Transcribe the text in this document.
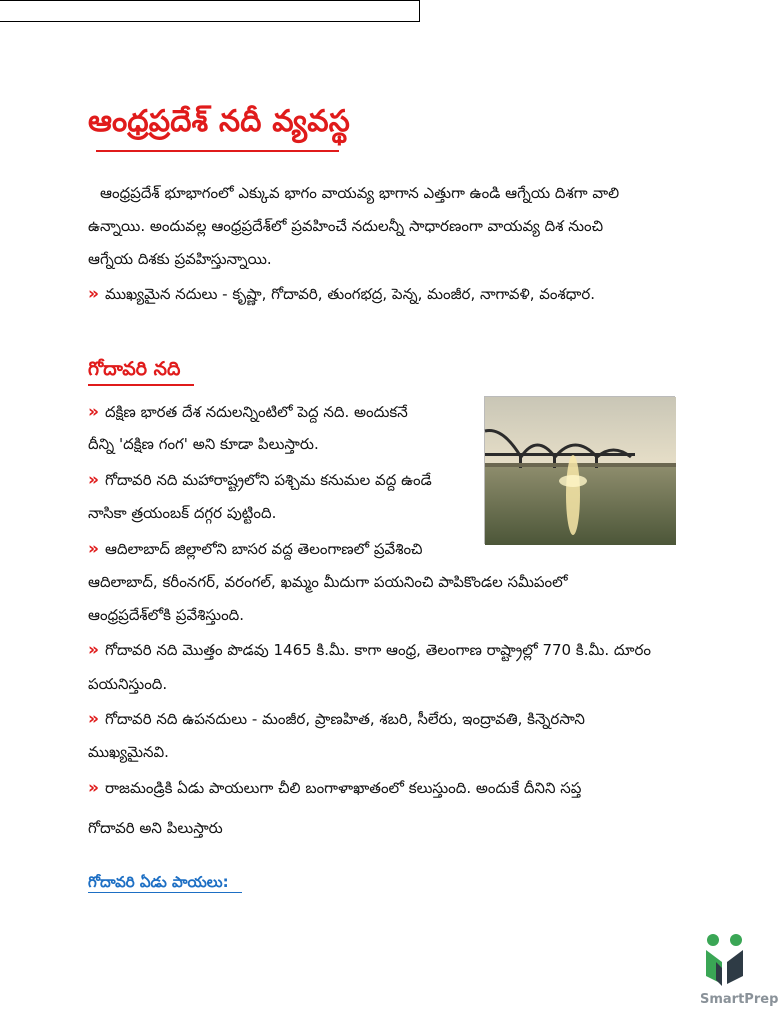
ఆంధ్రప్రదేశ్ నదీ వ్యవస్థ

ఆంధ్రప్రదేశ్ భూభాగంలో ఎక్కువ భాగం వాయవ్య భాగాన ఎత్తుగా ఉండి ఆగ్నేయ దిశగా వాలి

ఉన్నాయి. అందువల్ల ఆంధ్రప్రదేశ్‌లో ప్రవహించే నదులన్నీ సాధారణంగా వాయవ్య దిశ నుంచి

ఆగ్నేయ దిశకు ప్రవహిస్తున్నాయి.

» ముఖ్యమైన నదులు - కృష్ణా, గోదావరి, తుంగభద్ర, పెన్న, మంజీర, నాగావళి, వంశధార.

గోదావరి నది

» దక్షిణ భారత దేశ నదులన్నింటిలో పెద్ద నది. అందుకనే

దీన్ని 'దక్షిణ గంగ' అని కూడా పిలుస్తారు.

» గోదావరి నది మహారాష్ట్రలోని పశ్చిమ కనుమల వద్ద ఉండే

నాసికా త్రయంబక్ దగ్గర పుట్టింది.

» ఆదిలాబాద్ జిల్లాలోని బాసర వద్ద తెలంగాణలో ప్రవేశించి

ఆదిలాబాద్, కరీంనగర్, వరంగల్, ఖమ్మం మీదుగా పయనించి పాపికొండల సమీపంలో

ఆంధ్రప్రదేశ్‌లోకి ప్రవేశిస్తుంది.

» గోదావరి నది మొత్తం పొడవు 1465 కి.మీ. కాగా ఆంధ్ర, తెలంగాణ రాష్ట్రాల్లో 770 కి.మీ. దూరం

పయనిస్తుంది.

» గోదావరి నది ఉపనదులు - మంజీర, ప్రాణహిత, శబరి, సీలేరు, ఇంద్రావతి, కిన్నెరసాని

ముఖ్యమైనవి.

» రాజమండ్రికి ఏడు పాయలుగా చీలి బంగాళాఖాతంలో కలుస్తుంది. అందుకే దీనిని సప్త

గోదావరి అని పిలుస్తారు

గోదావరి ఏడు పాయలు:
SmartPrep
